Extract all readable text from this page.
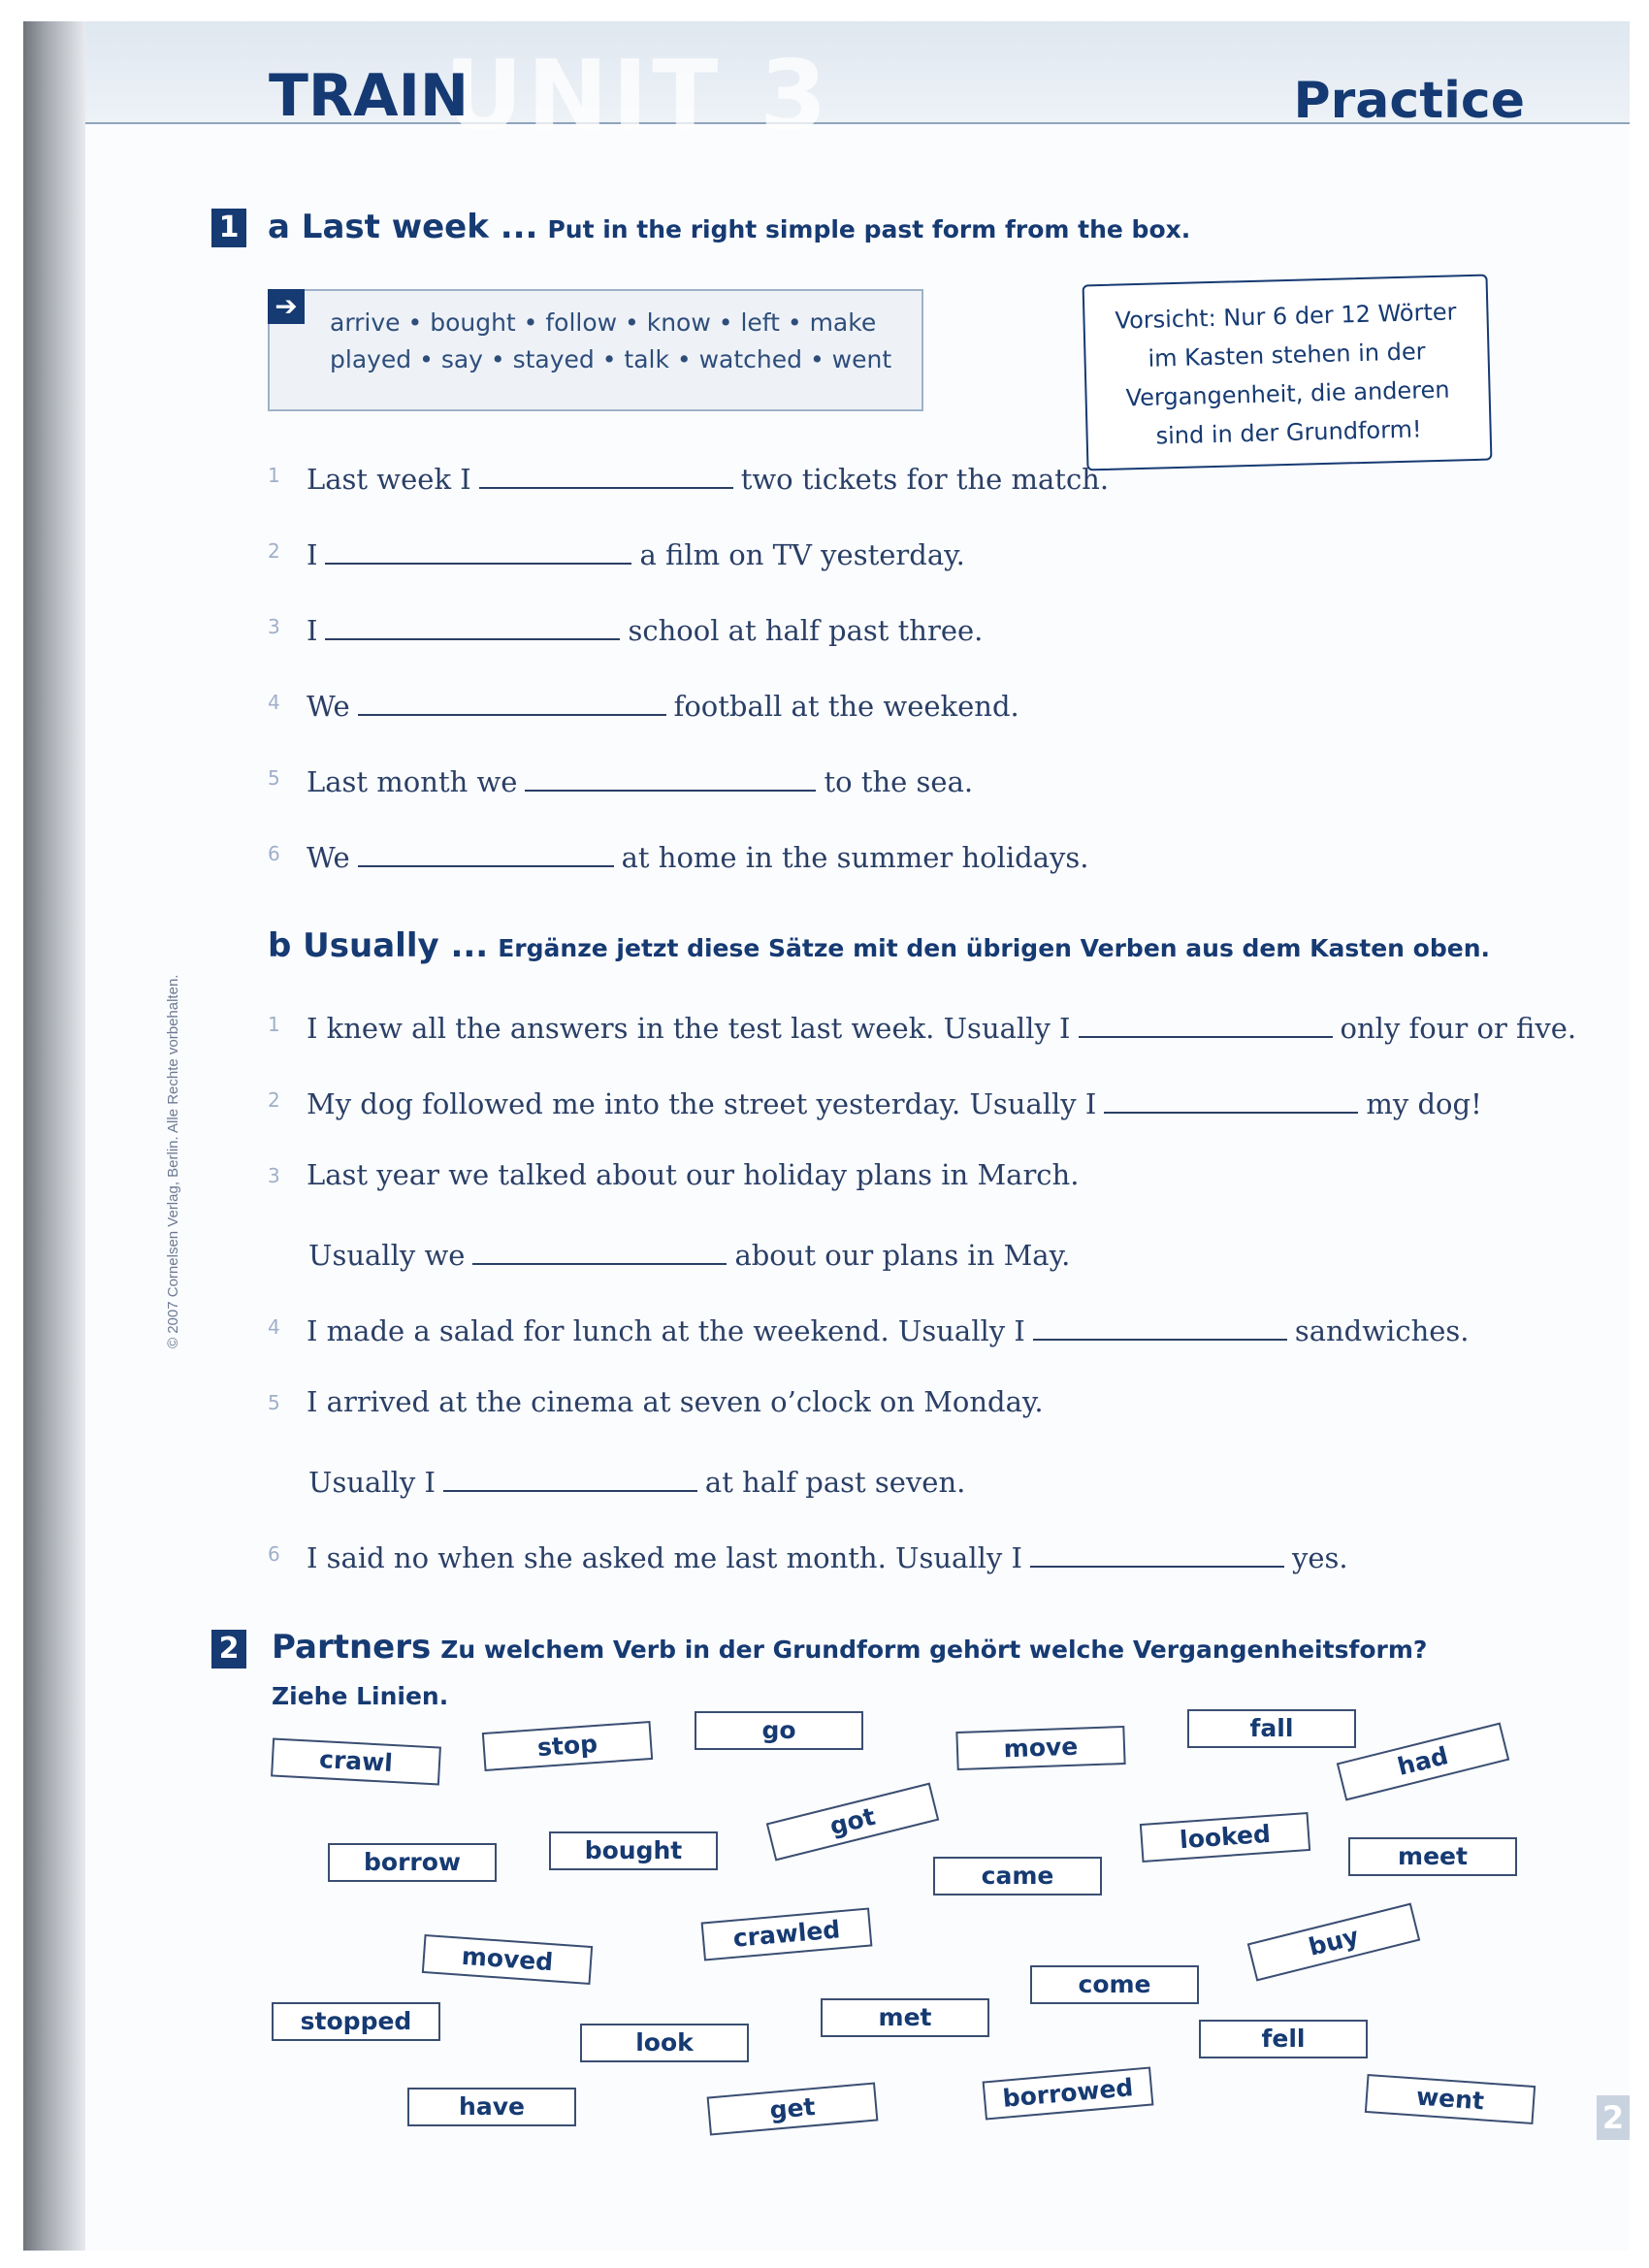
UNIT 3
TRAIN	Practice
1 a Last week ... Put in the right simple past form from the box.
➔
arrive • bought • follow • know • left • make
played • say • stayed • talk • watched • went
Vorsicht: Nur 6 der 12 Wörter
im Kasten stehen in der
Vergangenheit, die anderen
sind in der Grundform!
1 Last week I	two tickets for the match.
2 I	a film on TV yesterday.
3 I	school at half past three.
4 We	football at the weekend.
5 Last month we	to the sea.
6 We	at home in the summer holidays.
b Usually ... Ergänze jetzt diese Sätze mit den übrigen Verben aus dem Kasten oben.
1 I knew all the answers in the test last week. Usually I	only four or five.
2 My dog followed me into the street yesterday. Usually I	my dog!
3 Last year we talked about our holiday plans in March.
Usually we	about our plans in May.
4 I made a salad for lunch at the weekend. Usually I	sandwiches.
5 I arrived at the cinema at seven o’clock on Monday.
Usually I	at half past seven.
6 I said no when she asked me last month. Usually I	yes.
© 2007 Cornelsen Verlag, Berlin. Alle Rechte vorbehalten.
2 Partners Zu welchem Verb in der Grundform gehört welche Vergangenheitsform?
Ziehe Linien.
crawl	stop	go
move
fall
had
borrow	bought
got
came
looked
meet
moved
crawled	buy
come
stopped
look
met
fell
have	get	borrowed	went
2
